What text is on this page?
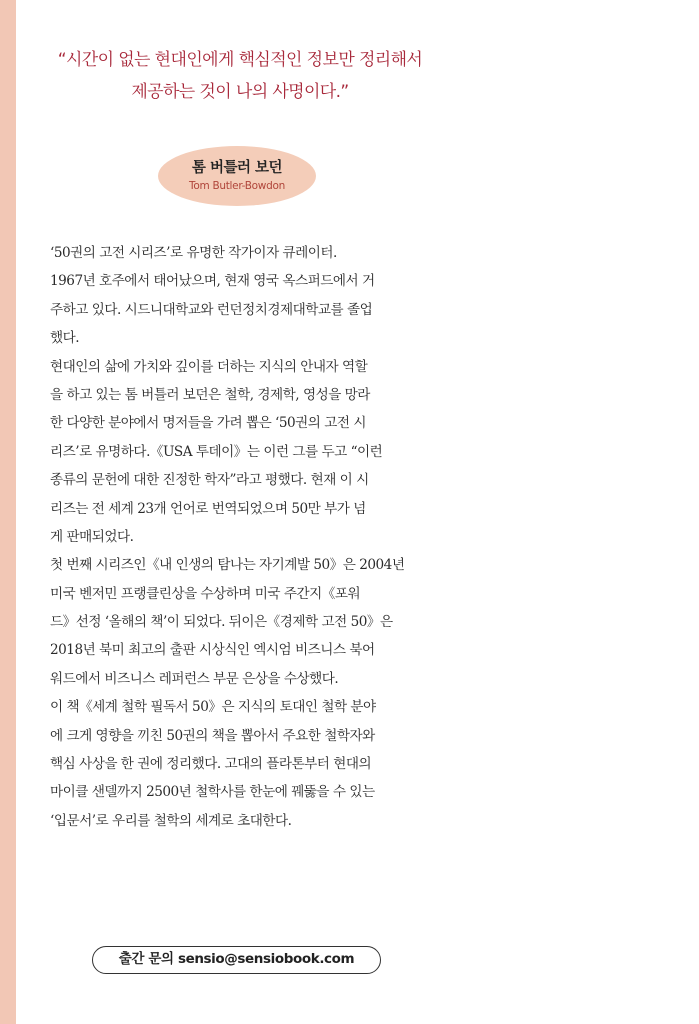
“시간이 없는 현대인에게 핵심적인 정보만 정리해서
제공하는 것이 나의 사명이다.”
톰 버틀러 보던
Tom Butler-Bowdon
‘50권의 고전 시리즈’로 유명한 작가이자 큐레이터.
1967년 호주에서 태어났으며, 현재 영국 옥스퍼드에서 거
주하고 있다. 시드니대학교와 런던정치경제대학교를 졸업
했다.
현대인의 삶에 가치와 깊이를 더하는 지식의 안내자 역할
을 하고 있는 톰 버틀러 보던은 철학, 경제학, 영성을 망라
한 다양한 분야에서 명저들을 가려 뽑은 ‘50권의 고전 시
리즈’로 유명하다.《USA 투데이》는 이런 그를 두고 “이런
종류의 문헌에 대한 진정한 학자”라고 평했다. 현재 이 시
리즈는 전 세계 23개 언어로 번역되었으며 50만 부가 넘
게 판매되었다.
첫 번째 시리즈인《내 인생의 탐나는 자기계발 50》은 2004년
미국 벤저민 프랭클린상을 수상하며 미국 주간지《포워
드》선정 ‘올해의 책’이 되었다. 뒤이은《경제학 고전 50》은
2018년 북미 최고의 출판 시상식인 엑시엄 비즈니스 북어
워드에서 비즈니스 레퍼런스 부문 은상을 수상했다.
이 책《세계 철학 필독서 50》은 지식의 토대인 철학 분야
에 크게 영향을 끼친 50권의 책을 뽑아서 주요한 철학자와
핵심 사상을 한 권에 정리했다. 고대의 플라톤부터 현대의
마이클 샌델까지 2500년 철학사를 한눈에 꿰뚫을 수 있는
‘입문서’로 우리를 철학의 세계로 초대한다.
출간 문의 sensio@sensiobook.com
